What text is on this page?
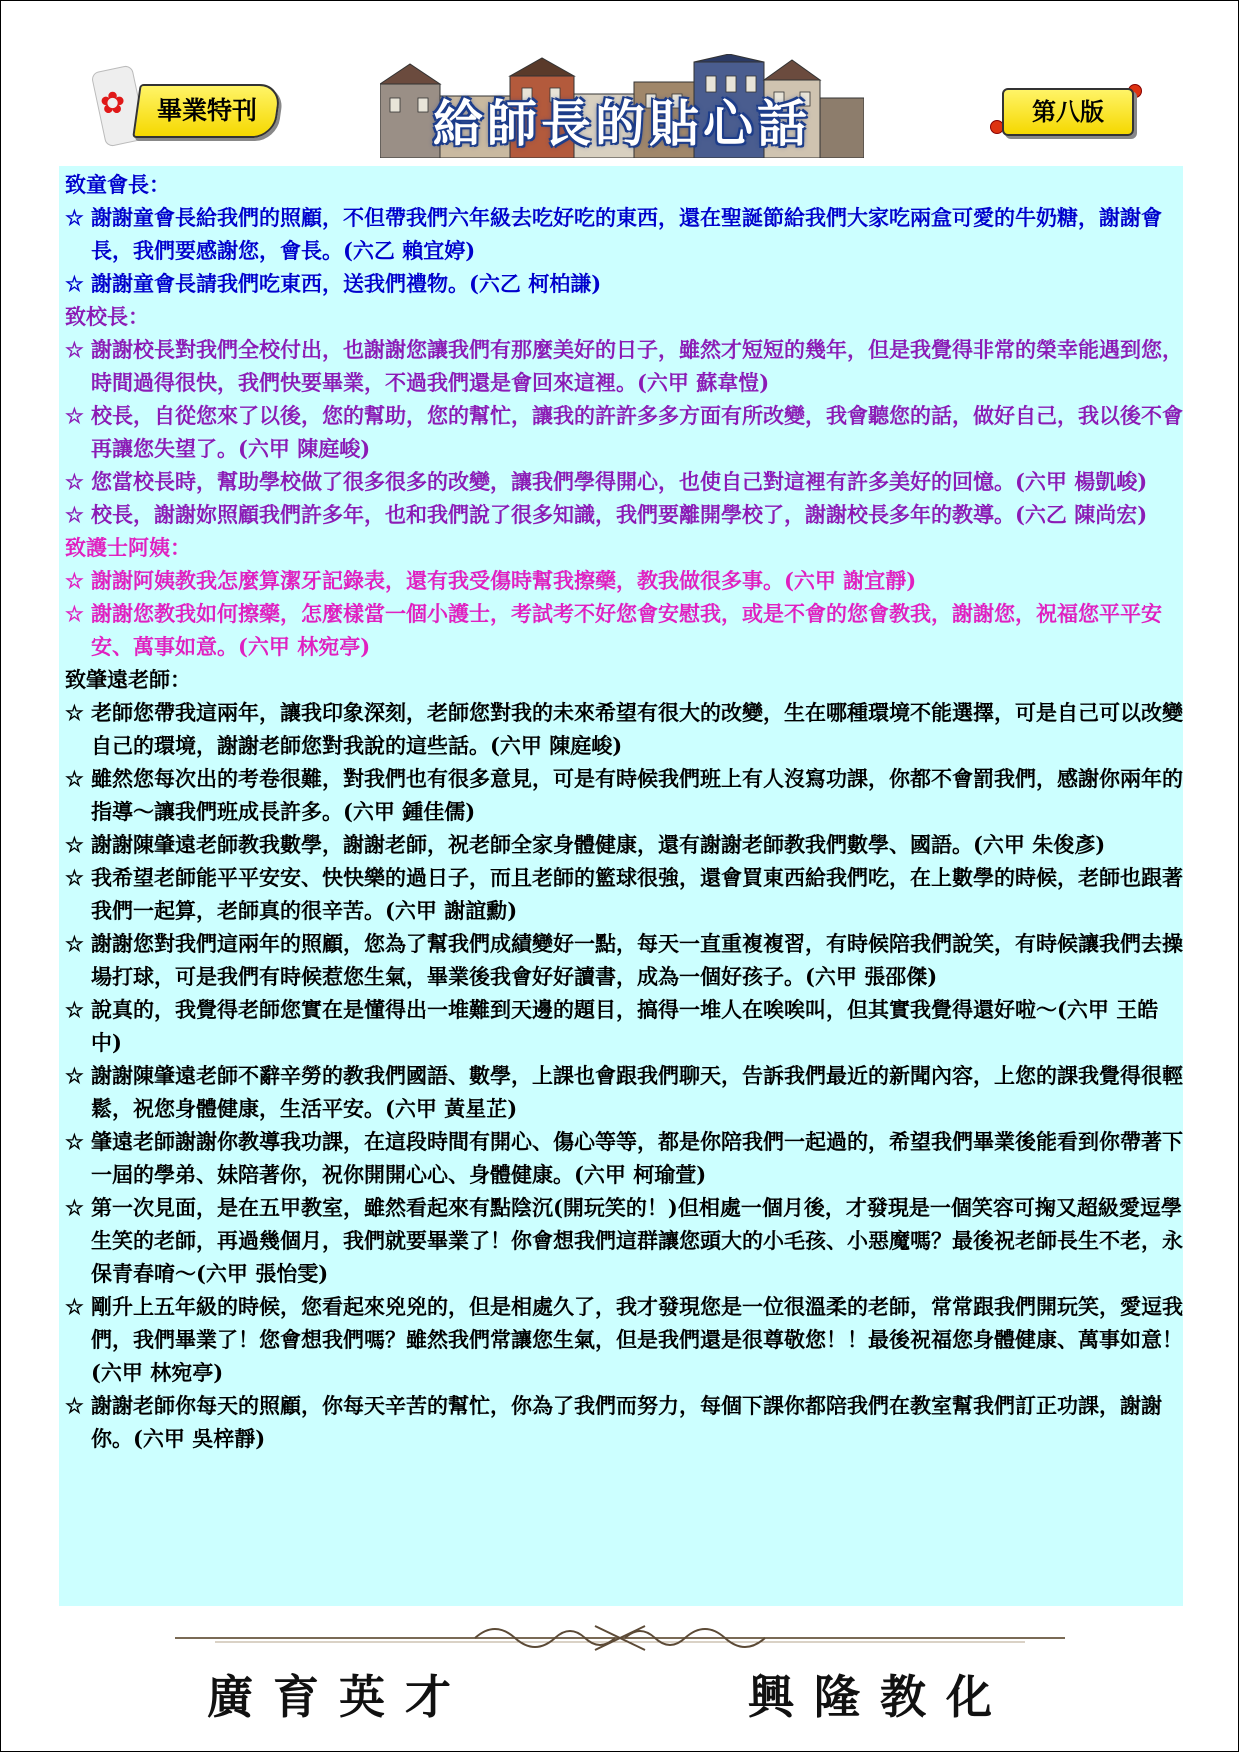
✿	畢業特刊	給師長的貼心話	第八版
致童會長：
☆ 謝謝童會長給我們的照顧，不但帶我們六年級去吃好吃的東西，還在聖誕節給我們大家吃兩盒可愛的牛奶糖，謝謝會長，我們要感謝您，會長。(六乙 賴宜婷)
☆ 謝謝童會長請我們吃東西，送我們禮物。(六乙 柯柏謙)
致校長：
☆ 謝謝校長對我們全校付出，也謝謝您讓我們有那麼美好的日子，雖然才短短的幾年，但是我覺得非常的榮幸能遇到您，時間過得很快，我們快要畢業，不過我們還是會回來這裡。(六甲 蘇韋愷)
☆ 校長，自從您來了以後，您的幫助，您的幫忙，讓我的許許多多方面有所改變，我會聽您的話，做好自己，我以後不會再讓您失望了。(六甲 陳庭峻)
☆ 您當校長時，幫助學校做了很多很多的改變，讓我們學得開心，也使自己對這裡有許多美好的回憶。(六甲 楊凱峻)
☆ 校長，謝謝妳照顧我們許多年，也和我們說了很多知識，我們要離開學校了，謝謝校長多年的教導。(六乙 陳尚宏)
致護士阿姨：
☆ 謝謝阿姨教我怎麼算潔牙記錄表，還有我受傷時幫我擦藥，教我做很多事。(六甲 謝宜靜)
☆ 謝謝您教我如何擦藥，怎麼樣當一個小護士，考試考不好您會安慰我，或是不會的您會教我，謝謝您，祝福您平平安安、萬事如意。(六甲 林宛亭)
致肇遠老師：
☆ 老師您帶我這兩年，讓我印象深刻，老師您對我的未來希望有很大的改變，生在哪種環境不能選擇，可是自己可以改變自己的環境，謝謝老師您對我說的這些話。(六甲 陳庭峻)
☆ 雖然您每次出的考卷很難，對我們也有很多意見，可是有時候我們班上有人沒寫功課，你都不會罰我們，感謝你兩年的指導～讓我們班成長許多。(六甲 鍾佳儒)
☆ 謝謝陳肇遠老師教我數學，謝謝老師，祝老師全家身體健康，還有謝謝老師教我們數學、國語。(六甲 朱俊彥)
☆ 我希望老師能平平安安、快快樂的過日子，而且老師的籃球很強，還會買東西給我們吃，在上數學的時候，老師也跟著我們一起算，老師真的很辛苦。(六甲 謝誼勳)
☆ 謝謝您對我們這兩年的照顧，您為了幫我們成績變好一點，每天一直重複複習，有時候陪我們說笑，有時候讓我們去操場打球，可是我們有時候惹您生氣，畢業後我會好好讀書，成為一個好孩子。(六甲 張邵傑)
☆ 說真的，我覺得老師您實在是懂得出一堆難到天邊的題目，搞得一堆人在唉唉叫，但其實我覺得還好啦～(六甲 王皓中)
☆ 謝謝陳肇遠老師不辭辛勞的教我們國語、數學，上課也會跟我們聊天，告訴我們最近的新聞內容，上您的課我覺得很輕鬆，祝您身體健康，生活平安。(六甲 黃星芷)
☆ 肇遠老師謝謝你教導我功課，在這段時間有開心、傷心等等，都是你陪我們一起過的，希望我們畢業後能看到你帶著下一屆的學弟、妹陪著你，祝你開開心心、身體健康。(六甲 柯瑜萱)
☆ 第一次見面，是在五甲教室，雖然看起來有點陰沉(開玩笑的！)但相處一個月後，才發現是一個笑容可掬又超級愛逗學生笑的老師，再過幾個月，我們就要畢業了！你會想我們這群讓您頭大的小毛孩、小惡魔嗎？最後祝老師長生不老，永保青春唷～(六甲 張怡雯)
☆ 剛升上五年級的時候，您看起來兇兇的，但是相處久了，我才發現您是一位很溫柔的老師，常常跟我們開玩笑，愛逗我們，我們畢業了！您會想我們嗎？雖然我們常讓您生氣，但是我們還是很尊敬您！！最後祝福您身體健康、萬事如意！(六甲 林宛亭)
☆ 謝謝老師你每天的照顧，你每天辛苦的幫忙，你為了我們而努力，每個下課你都陪我們在教室幫我們訂正功課，謝謝你。(六甲 吳梓靜)
廣育英才	興隆教化
